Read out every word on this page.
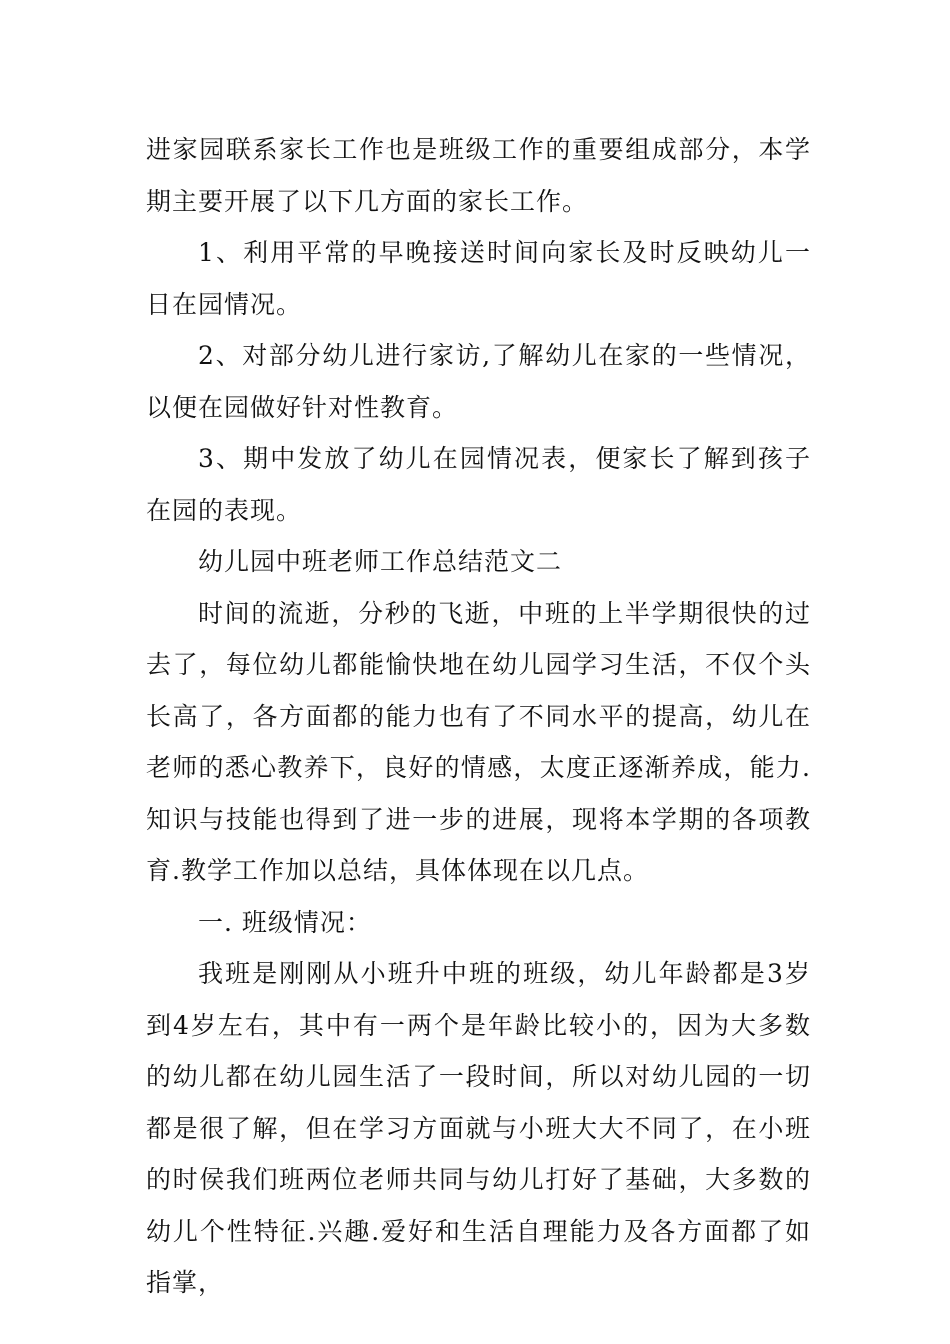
进家园联系家长工作也是班级工作的重要组成部分，本学期主要开展了以下几方面的家长工作。

1、利用平常的早晚接送时间向家长及时反映幼儿一日在园情况。

2、对部分幼儿进行家访,了解幼儿在家的一些情况，以便在园做好针对性教育。

3、期中发放了幼儿在园情况表，便家长了解到孩子在园的表现。

幼儿园中班老师工作总结范文二

时间的流逝，分秒的飞逝，中班的上半学期很快的过去了，每位幼儿都能愉快地在幼儿园学习生活，不仅个头长高了，各方面都的能力也有了不同水平的提高，幼儿在老师的悉心教养下，良好的情感，太度正逐渐养成，能力.知识与技能也得到了进一步的进展，现将本学期的各项教育.教学工作加以总结，具体体现在以几点。

一. 班级情况：

我班是刚刚从小班升中班的班级，幼儿年龄都是3岁到4岁左右，其中有一两个是年龄比较小的，因为大多数的幼儿都在幼儿园生活了一段时间，所以对幼儿园的一切都是很了解，但在学习方面就与小班大大不同了，在小班的时侯我们班两位老师共同与幼儿打好了基础，大多数的幼儿个性特征.兴趣.爱好和生活自理能力及各方面都了如指掌，
